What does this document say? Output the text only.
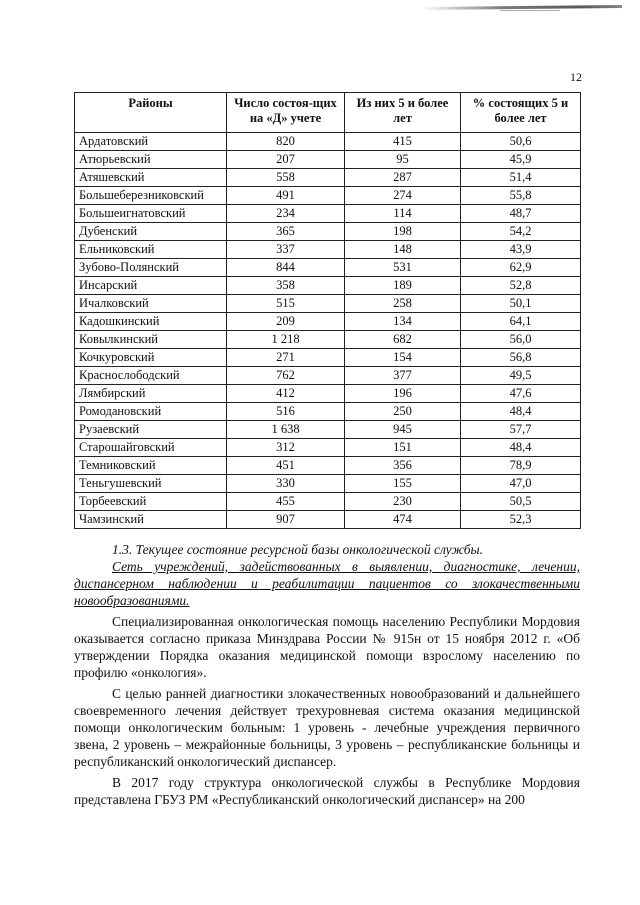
12
Районы	Число состоя-щих на «Д» учете	Из них 5 и более лет	% состоящих 5 и более лет
Ардатовский	820	415	50,6
Атюрьевский	207	95	45,9
Атяшевский	558	287	51,4
Большеберезниковский	491	274	55,8
Большеигнатовский	234	114	48,7
Дубенский	365	198	54,2
Ельниковский	337	148	43,9
Зубово-Полянский	844	531	62,9
Инсарский	358	189	52,8
Ичалковский	515	258	50,1
Кадошкинский	209	134	64,1
Ковылкинский	1 218	682	56,0
Кочкуровский	271	154	56,8
Краснослободский	762	377	49,5
Лямбирский	412	196	47,6
Ромодановский	516	250	48,4
Рузаевский	1 638	945	57,7
Старошайговский	312	151	48,4
Темниковский	451	356	78,9
Теньгушевский	330	155	47,0
Торбеевский	455	230	50,5
Чамзинский	907	474	52,3

1.3. Текущее состояние ресурсной базы онкологической службы.

Сеть учреждений, задействованных в выявлении, диагностике, лечении, диспансерном наблюдении и реабилитации пациентов со злокачественными новообразованиями.

Специализированная онкологическая помощь населению Республики Мордовия оказывается согласно приказа Минздрава России № 915н от 15 ноября 2012 г. «Об утверждении Порядка оказания медицинской помощи взрослому населению по профилю «онкология».

С целью ранней диагностики злокачественных новообразований и дальнейшего своевременного лечения действует трехуровневая система оказания медицинской помощи онкологическим больным: 1 уровень - лечебные учреждения первичного звена, 2 уровень – межрайонные больницы, 3 уровень – республиканские больницы и республиканский онкологический диспансер.

В 2017 году структура онкологической службы в Республике Мордовия представлена ГБУЗ РМ «Республиканский онкологический диспансер» на 200
